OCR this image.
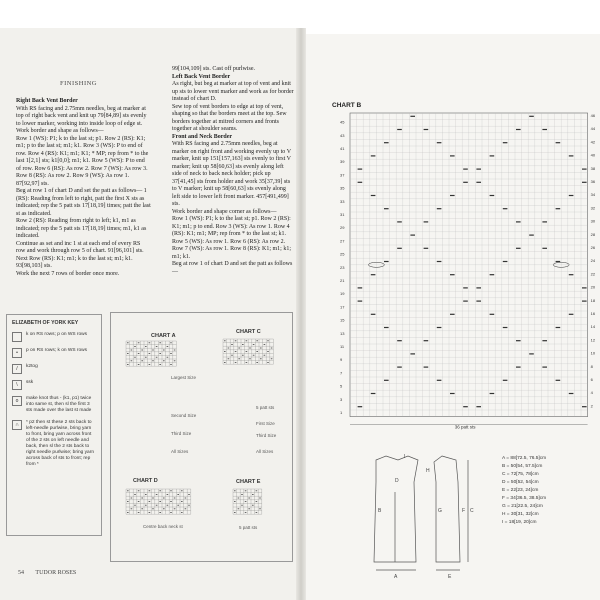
FINISHING
Right Back Vent Border
With RS facing and 2.75mm needles, beg at marker at top of right back vent and knit up 79[84,89] sts evenly to lower marker, working into inside loop of edge st. Work border and shape as follows—
Row 1 (WS): P1; k to the last st; p1. Row 2 (RS): K1; m1; p to the last st; m1; k1. Row 3 (WS): P to end of row. Row 4 (RS): K1; m1; K1; * MP; rep from * to the last 1[2,1] sts; k1[0,0]; m1; k1. Row 5 (WS): P to end of row. Row 6 (RS): As row 2. Row 7 (WS): As row 3. Row 8 (RS): As row 2. Row 9 (WS): As row 1. 87[92,97] sts.
Beg at row 1 of chart D and set the patt as follows— 1 (RS): Reading from left to right, patt the first X sts as indicated; rep the 5 patt sts 17[18,19] times; patt the last st as indicated.
Row 2 (RS): Reading from right to left; k1, m1 as indicated; rep the 5 patt sts 17[18,19] times; m1, k1 as indicated.
Continue as set and inc 1 st at each end of every RS row and work through row 5 of chart. 91[96,101] sts.
Next Row (RS): K1; m1; k to the last st; m1; k1. 93[98,103] sts.
Work the next 7 rows of border once more.
99[104,109] sts. Cast off purlwise.
Left Back Vent Border
As right, but beg at marker at top of vent and knit up sts to lower vent marker and work as for border instead of chart D.
Sew top of vent borders to edge at top of vent, shaping so that the borders meet at the top. Sew borders together at mitred corners and fronts together at shoulder seams.
Front and Neck Border
With RS facing and 2.75mm needles, beg at marker on right front and working evenly up to V marker, knit up 151[157,163] sts evenly to first V marker; knit up 58[60,63] sts evenly along left side of neck to back neck holder; pick up 37[41,45] sts from holder and work 35[37,39] sts to V marker; knit up 58[60,63] sts evenly along left side to lower left front marker. 457[491,499] sts.
Work border and shape corner as follows—
Row 1 (WS): P1; k to the last st; p1. Row 2 (RS): K1; m1; p to end. Row 3 (WS): As row 1. Row 4 (RS): K1; m1; MP; rep from * to the last st; k1. Row 5 (WS): As row 1. Row 6 (RS): As row 2. Row 7 (WS): As row 1. Row 8 (RS): K1; m1; k1; m1; k1.
Beg at row 1 of chart D and set the patt as follows—
ELIZABETH OF YORK KEY
k on RS rows; p on WS rows
•	p on RS rows; k on WS rows
/	k2tog
\	ssk
o	make knot thus - (k1, p1) twice into same st, then sl the first 3 sts made over the last st made
∩	* p2 then st these 2 sts back to left-needle purlwise, bring yarn to front, bring yarn across front of the 2 sts on left needle and back, then sl the 2 sts back to right needle purlwise; bring yarn across back of sts to front; rep from *
CHART A
CHART C
CHART D	CHART E
Largest Size
Second Size
Third Size
All Sizes
5 patt sts
First Size
Third Size
All Sizes
Centre back neck st	5 patt sts
54 TUDOR ROSES
CHART B
45
43
41
39
37
35
33
31
29
27
25
23
21
19
17
15
13
11
9
7
5
3
1
46
44
42
40
38
36
34
32
30
28
26
24
22
20
18
16
14
12
10
8
6
4
2
36 patt sts
A
B	C
D
E
F
G
H
I	A = 88[72.5, 76.5]cm
B = 50[54, 57.5]cm
C = 72[75, 78]cm
D = 50[52, 54]cm
E = 22[23, 24]cm
F = 34[36.5, 38.5]cm
G = 21[22.5, 24]cm
H = 30[31, 32]cm
I = 18[19, 20]cm
